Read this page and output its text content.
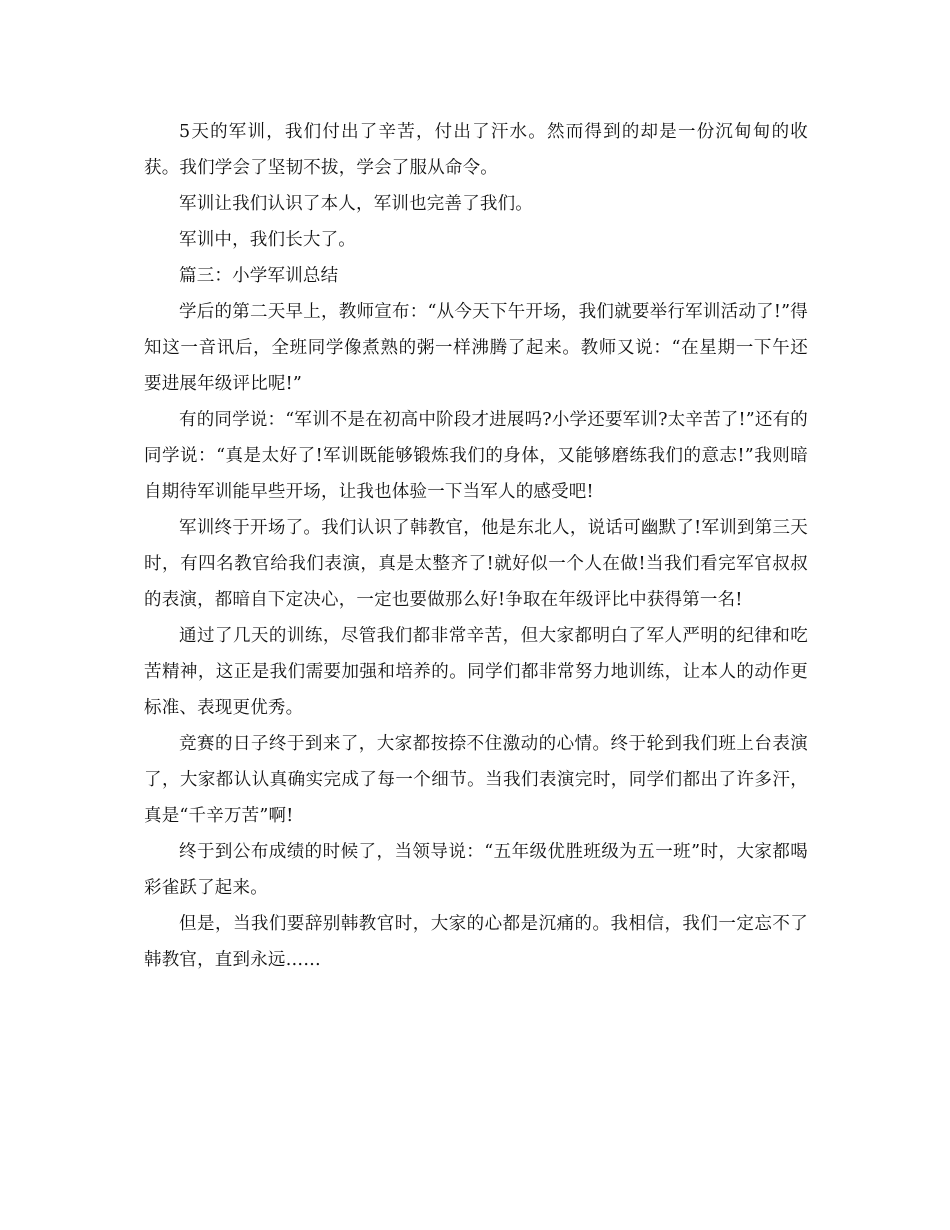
5天的军训，我们付出了辛苦，付出了汗水。然而得到的却是一份沉甸甸的收获。我们学会了坚韧不拔，学会了服从命令。

军训让我们认识了本人，军训也完善了我们。

军训中，我们长大了。

篇三：小学军训总结

学后的第二天早上，教师宣布：“从今天下午开场，我们就要举行军训活动了!”得知这一音讯后，全班同学像煮熟的粥一样沸腾了起来。教师又说：“在星期一下午还要进展年级评比呢!”

有的同学说：“军训不是在初高中阶段才进展吗?小学还要军训?太辛苦了!”还有的同学说：“真是太好了!军训既能够锻炼我们的身体，又能够磨练我们的意志!”我则暗自期待军训能早些开场，让我也体验一下当军人的感受吧!

军训终于开场了。我们认识了韩教官，他是东北人，说话可幽默了!军训到第三天时，有四名教官给我们表演，真是太整齐了!就好似一个人在做!当我们看完军官叔叔的表演，都暗自下定决心，一定也要做那么好!争取在年级评比中获得第一名!

通过了几天的训练，尽管我们都非常辛苦，但大家都明白了军人严明的纪律和吃苦精神，这正是我们需要加强和培养的。同学们都非常努力地训练，让本人的动作更标准、表现更优秀。

竞赛的日子终于到来了，大家都按捺不住激动的心情。终于轮到我们班上台表演了，大家都认认真确实完成了每一个细节。当我们表演完时，同学们都出了许多汗，真是“千辛万苦”啊!

终于到公布成绩的时候了，当领导说：“五年级优胜班级为五一班”时，大家都喝彩雀跃了起来。

但是，当我们要辞别韩教官时，大家的心都是沉痛的。我相信，我们一定忘不了韩教官，直到永远……
